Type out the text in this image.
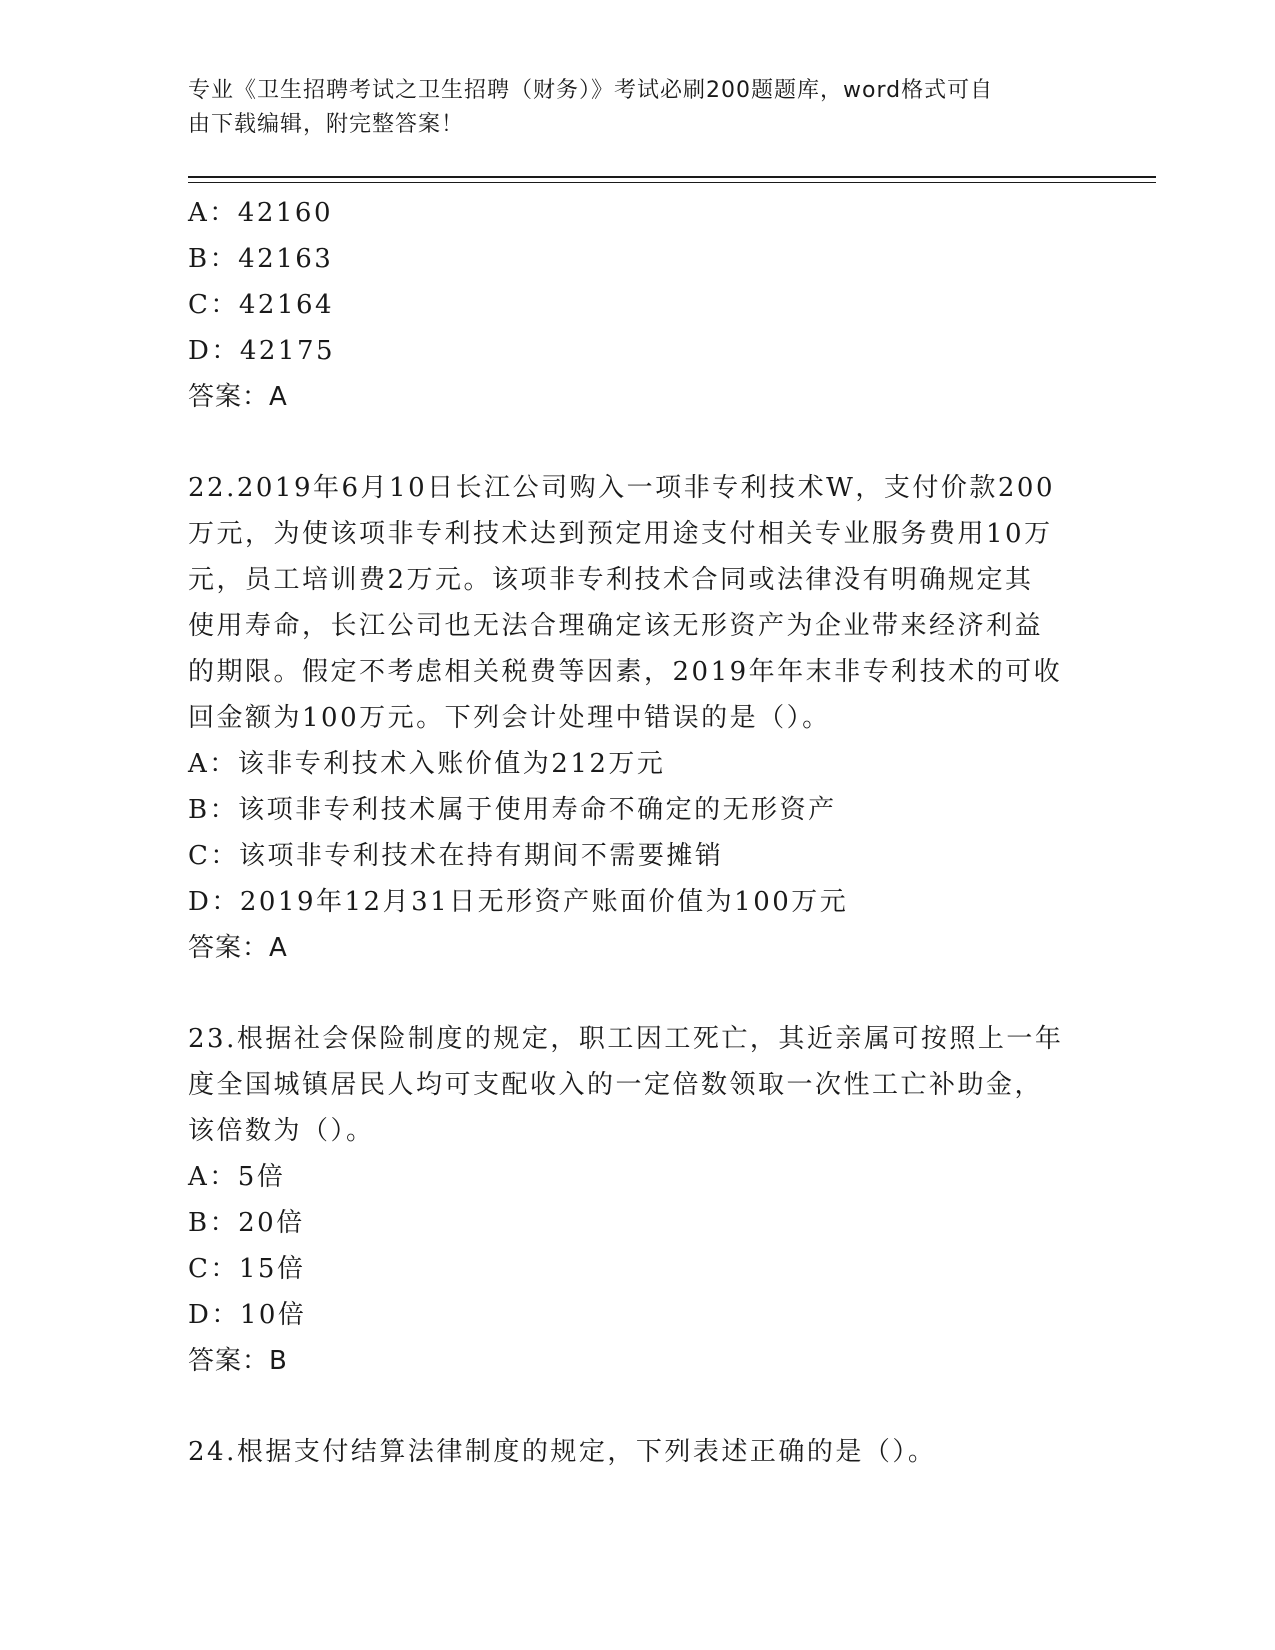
专业《卫生招聘考试之卫生招聘（财务）》考试必刷200题题库，word格式可自
由下载编辑，附完整答案！
A：42160
B：42163
C：42164
D：42175
答案：A
22.2019年6月10日长江公司购入一项非专利技术W，支付价款200
万元，为使该项非专利技术达到预定用途支付相关专业服务费用10万
元，员工培训费2万元。该项非专利技术合同或法律没有明确规定其
使用寿命，长江公司也无法合理确定该无形资产为企业带来经济利益
的期限。假定不考虑相关税费等因素，2019年年末非专利技术的可收
回金额为100万元。下列会计处理中错误的是（）。
A：该非专利技术入账价值为212万元
B：该项非专利技术属于使用寿命不确定的无形资产
C：该项非专利技术在持有期间不需要摊销
D：2019年12月31日无形资产账面价值为100万元
答案：A
23.根据社会保险制度的规定，职工因工死亡，其近亲属可按照上一年
度全国城镇居民人均可支配收入的一定倍数领取一次性工亡补助金，
该倍数为（）。
A：5倍
B：20倍
C：15倍
D：10倍
答案：B
24.根据支付结算法律制度的规定，下列表述正确的是（）。
